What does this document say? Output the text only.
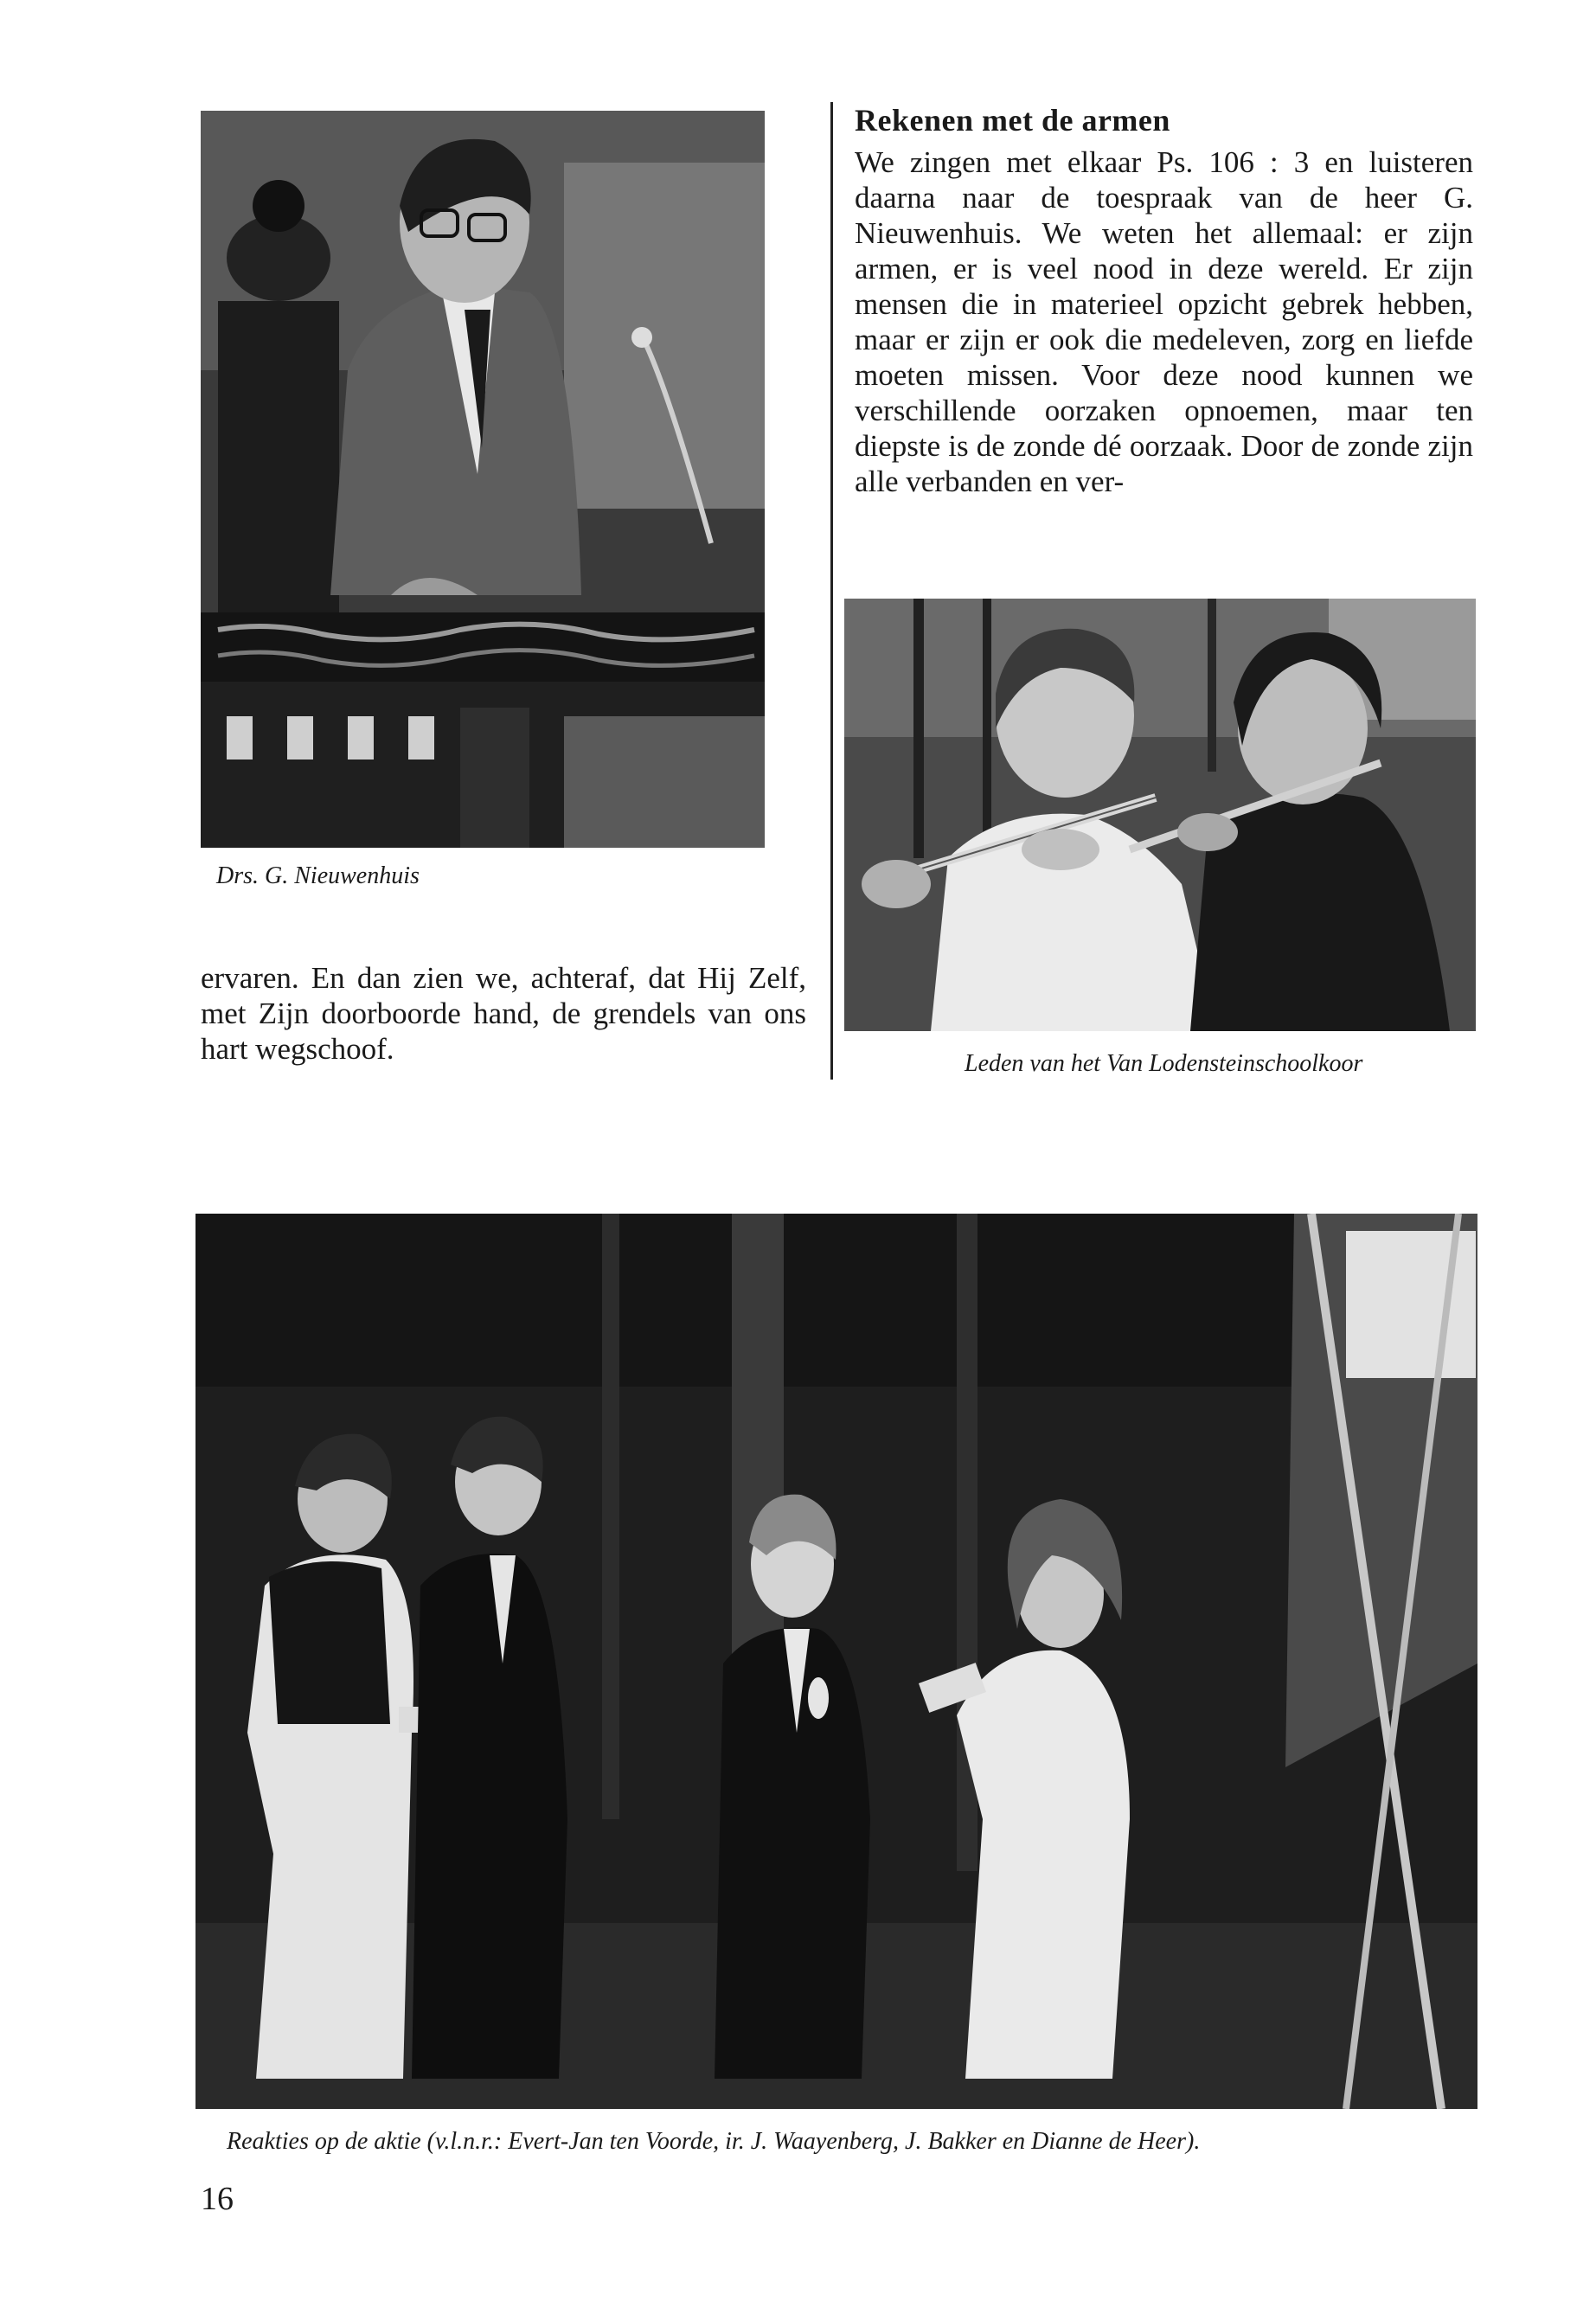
Drs. G. Nieuwenhuis

Rekenen met de armen

We zingen met elkaar Ps. 106 : 3 en luisteren daarna naar de toespraak van de heer G. Nieuwenhuis. We weten het allemaal: er zijn armen, er is veel nood in deze wereld. Er zijn mensen die in materieel opzicht gebrek hebben, maar er zijn er ook die medeleven, zorg en liefde moeten missen. Voor deze nood kunnen we verschillende oorzaken opnoemen, maar ten diepste is de zonde dé oorzaak. Door de zonde zijn alle verbanden en ver-

Leden van het Van Lodensteinschoolkoor

ervaren. En dan zien we, achteraf, dat Hij Zelf, met Zijn doorboorde hand, de grendels van ons hart wegschoof.

Reakties op de aktie (v.l.n.r.: Evert-Jan ten Voorde, ir. J. Waayenberg, J. Bakker en Dianne de Heer).

16
